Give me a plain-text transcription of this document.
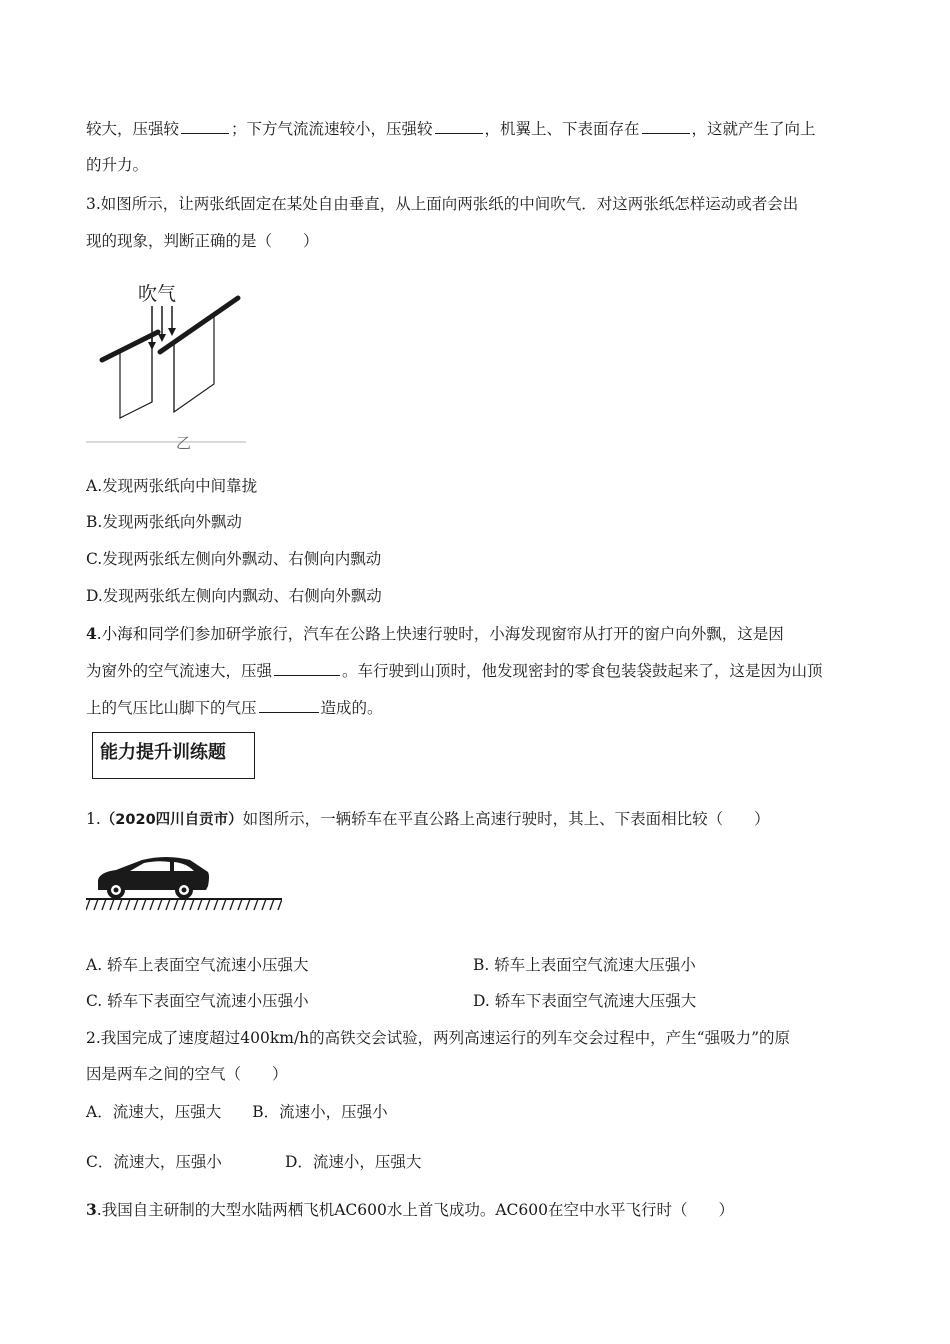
较大，压强较	；下方气流流速较小，压强较	，机翼上、下表面存在	，这就产生了向上
的升力。
3.如图所示，让两张纸固定在某处自由垂直，从上面向两张纸的中间吹气．对这两张纸怎样运动或者会出
现的现象，判断正确的是（　　）
吹气
乙
A.发现两张纸向中间靠拢
B.发现两张纸向外飘动
C.发现两张纸左侧向外飘动、右侧向内飘动
D.发现两张纸左侧向内飘动、右侧向外飘动
4.小海和同学们参加研学旅行，汽车在公路上快速行驶时，小海发现窗帘从打开的窗户向外飘，这是因
为窗外的空气流速大，压强	。车行驶到山顶时，他发现密封的零食包装袋鼓起来了，这是因为山顶
上的气压比山脚下的气压	造成的。
能力提升训练题
1.（2020四川自贡市）如图所示，一辆轿车在平直公路上高速行驶时，其上、下表面相比较（　　）
A. 轿车上表面空气流速小压强大	B. 轿车上表面空气流速大压强小
C. 轿车下表面空气流速小压强小	D. 轿车下表面空气流速大压强大
2.我国完成了速度超过400km/h的高铁交会试验，两列高速运行的列车交会过程中，产生“强吸力”的原
因是两车之间的空气（　　）
A．流速大，压强大　　B．流速小，压强小
C．流速大，压强小	D．流速小，压强大
3.我国自主研制的大型水陆两栖飞机AC600水上首飞成功。AC600在空中水平飞行时（　　）
